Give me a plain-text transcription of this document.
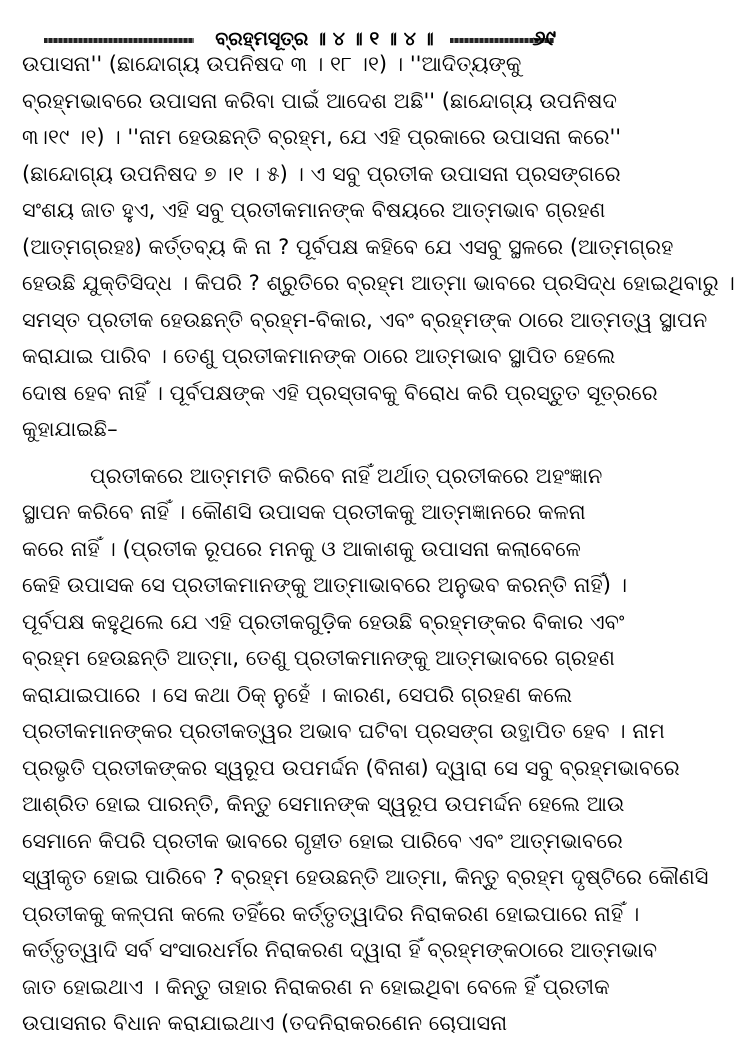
ବ୍ରହ୍ମସୂତ୍ର ॥ ୪ ॥ ୧ ॥ ୪ ॥	୬୯
ଉପାସନା'' (ଛାନ୍ଦୋଗ୍ୟ ଉପନିଷଦ ୩ । ୧୮ ।୧) । ''ଆଦିତ୍ୟଙ୍କୁ
ବ୍ରହ୍ମଭାବରେ ଉପାସନା କରିବା ପାଇଁ ଆଦେଶ ଅଛି'' (ଛାନ୍ଦୋଗ୍ୟ ଉପନିଷଦ
୩।୧୯ ।୧) । ''ନାମ ହେଉଛନ୍ତି ବ୍ରହ୍ମ, ଯେ ଏହି ପ୍ରକାରେ ଉପାସନା କରେ''
(ଛାନ୍ଦୋଗ୍ୟ ଉପନିଷଦ ୭ ।୧ । ୫) । ଏ ସବୁ ପ୍ରତୀକ ଉପାସନା ପ୍ରସଙ୍ଗରେ
ସଂଶୟ ଜାତ ହୁଏ, ଏହି ସବୁ ପ୍ରତୀକମାନଙ୍କ ବିଷୟରେ ଆତ୍ମଭାବ ଗ୍ରହଣ
(ଆତ୍ମଗ୍ରହଃ) କର୍ତ୍ତବ୍ୟ କି ନା ? ପୂର୍ବପକ୍ଷ କହିବେ ଯେ ଏସବୁ ସ୍ଥଳରେ (ଆତ୍ମଗ୍ରହ
ହେଉଛି ଯୁକ୍ତିସିଦ୍ଧ । କିପରି ? ଶ୍ରୁତିରେ ବ୍ରହ୍ମ ଆତ୍ମା ଭାବରେ ପ୍ରସିଦ୍ଧ ହୋଇଥିବାରୁ ।
ସମସ୍ତ ପ୍ରତୀକ ହେଉଛନ୍ତି ବ୍ରହ୍ମ-ବିକାର, ଏବଂ ବ୍ରହ୍ମଙ୍କ ଠାରେ ଆତ୍ମତ୍ୱ ସ୍ଥାପନ
କରାଯାଇ ପାରିବ । ତେଣୁ ପ୍ରତୀକମାନଙ୍କ ଠାରେ ଆତ୍ମଭାବ ସ୍ଥାପିତ ହେଲେ
ଦୋଷ ହେବ ନାହିଁ । ପୂର୍ବପକ୍ଷଙ୍କ ଏହି ପ୍ରସ୍ତାବକୁ ବିରୋଧ କରି ପ୍ରସ୍ତୁତ ସୂତ୍ରରେ
କୁହାଯାଇଛି–
ପ୍ରତୀକରେ ଆତ୍ମମତି କରିବେ ନାହିଁ ଅର୍ଥାତ୍ ପ୍ରତୀକରେ ଅହଂଜ୍ଞାନ
ସ୍ଥାପନ କରିବେ ନାହିଁ । କୌଣସି ଉପାସକ ପ୍ରତୀକକୁ ଆତ୍ମଜ୍ଞାନରେ କଳନା
କରେ ନାହିଁ । (ପ୍ରତୀକ ରୂପରେ ମନକୁ ଓ ଆକାଶକୁ ଉପାସନା କଲାବେଳେ
କେହି ଉପାସକ ସେ ପ୍ରତୀକମାନଙ୍କୁ ଆତ୍ମାଭାବରେ ଅନୁଭବ କରନ୍ତି ନାହିଁ) ।
ପୂର୍ବପକ୍ଷ କହୁଥିଲେ ଯେ ଏହି ପ୍ରତୀକଗୁଡ଼ିକ ହେଉଛି ବ୍ରହ୍ମଙ୍କର ବିକାର ଏବଂ
ବ୍ରହ୍ମ ହେଉଛନ୍ତି ଆତ୍ମା, ତେଣୁ ପ୍ରତୀକମାନଙ୍କୁ ଆତ୍ମଭାବରେ ଗ୍ରହଣ
କରାଯାଇପାରେ । ସେ କଥା ଠିକ୍ ନୁହେଁ । କାରଣ, ସେପରି ଗ୍ରହଣ କଲେ
ପ୍ରତୀକମାନଙ୍କର ପ୍ରତୀକତ୍ୱର ଅଭାବ ଘଟିବା ପ୍ରସଙ୍ଗ ଉତ୍ଥାପିତ ହେବ । ନାମ
ପ୍ରଭୃତି ପ୍ରତୀକଙ୍କର ସ୍ୱରୂପ ଉପମର୍ଦ୍ଦନ (ବିନାଶ) ଦ୍ୱାରା ସେ ସବୁ ବ୍ରହ୍ମଭାବରେ
ଆଶ୍ରିତ ହୋଇ ପାରନ୍ତି, କିନ୍ତୁ ସେମାନଙ୍କ ସ୍ୱରୂପ ଉପମର୍ଦ୍ଦନ ହେଲେ ଆଉ
ସେମାନେ କିପରି ପ୍ରତୀକ ଭାବରେ ଗୃହୀତ ହୋଇ ପାରିବେ ଏବଂ ଆତ୍ମଭାବରେ
ସ୍ୱୀକୃତ ହୋଇ ପାରିବେ ? ବ୍ରହ୍ମ ହେଉଛନ୍ତି ଆତ୍ମା, କିନ୍ତୁ ବ୍ରହ୍ମ ଦୃଷ୍ଟିରେ କୌଣସି
ପ୍ରତୀକକୁ କଳ୍ପନା କଲେ ତହିଁରେ କର୍ତ୍ତୃତ୍ୱାଦିର ନିରାକରଣ ହୋଇପାରେ ନାହିଁ ।
କର୍ତ୍ତୃତ୍ୱାଦି ସର୍ବ ସଂସାରଧର୍ମର ନିରାକରଣ ଦ୍ୱାରା ହିଁ ବ୍ରହ୍ମଙ୍କଠାରେ ଆତ୍ମଭାବ
ଜାତ ହୋଇଥାଏ । କିନ୍ତୁ ତାହାର ନିରାକରଣ ନ ହୋଇଥିବା ବେଳେ ହିଁ ପ୍ରତୀକ
ଉପାସନାର ବିଧାନ କରାଯାଇଥାଏ (ତଦନିରାକରଣେନ ଚୋପାସନା
